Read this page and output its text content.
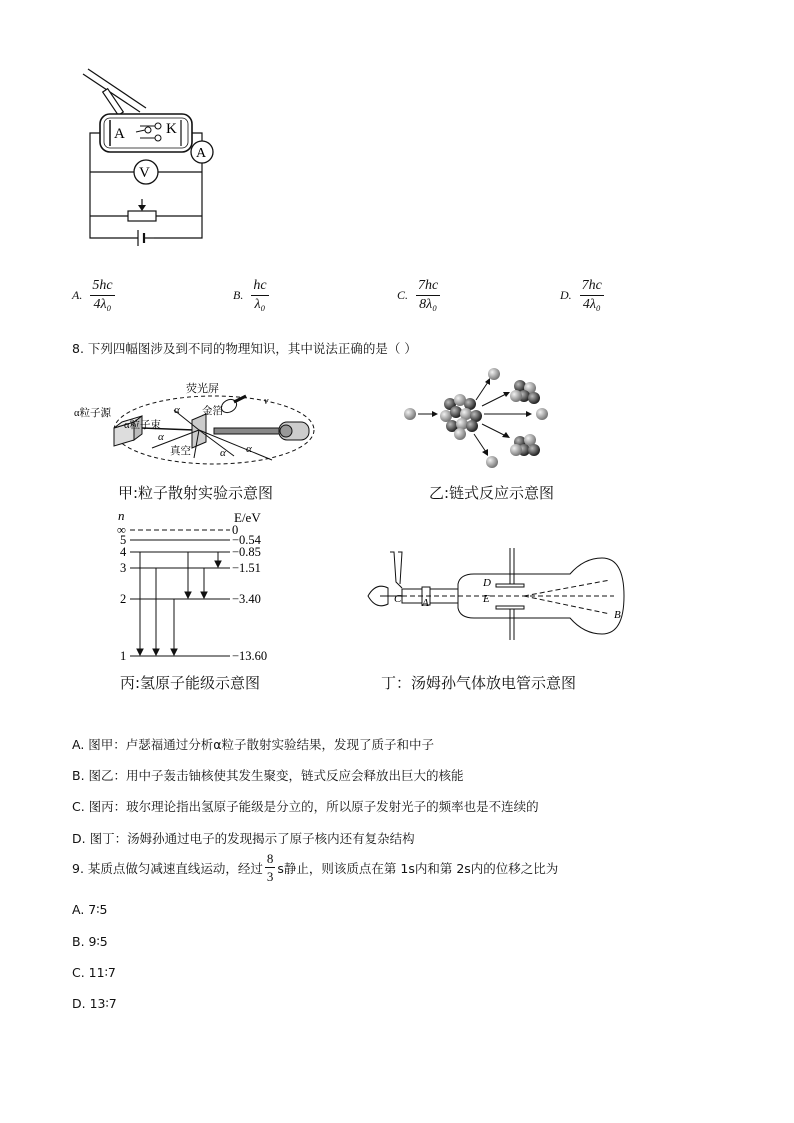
A	K
A
V
A. $\frac{5hc}{\text{4λ₀}}$	B. $\frac{hc}{\text{λ₀}}$	C. $\frac{7hc}{\text{8λ₀}}$	D. $\frac{7hc}{\text{4λ₀}}$
8. 下列四幅图涉及到不同的物理知识，其中说法正确的是（ ）
荧光屏
α粒子源
α粒子束
金箔
真空
α
α
α α
v
甲:粒子散射实验示意图	乙:链式反应示意图
n	E/eV
∞
5
4
3
2
1
0
−0.54
−0.85
−1.51
−3.40
−13.60
丙:氢原子能级示意图
C A
D
E
B
丁：汤姆孙气体放电管示意图
A. 图甲：卢瑟福通过分析α粒子散射实验结果，发现了质子和中子
B. 图乙：用中子轰击铀核使其发生聚变，链式反应会释放出巨大的核能
C. 图丙：玻尔理论指出氢原子能级是分立的，所以原子发射光子的频率也是不连续的
D. 图丁：汤姆孙通过电子的发现揭示了原子核内还有复杂结构
9. 某质点做匀减速直线运动，经过 $\frac{8}{3}$ s静止，则该质点在第 1s内和第 2s内的位移之比为
A. 7∶5
B. 9∶5
C. 11∶7
D. 13∶7
